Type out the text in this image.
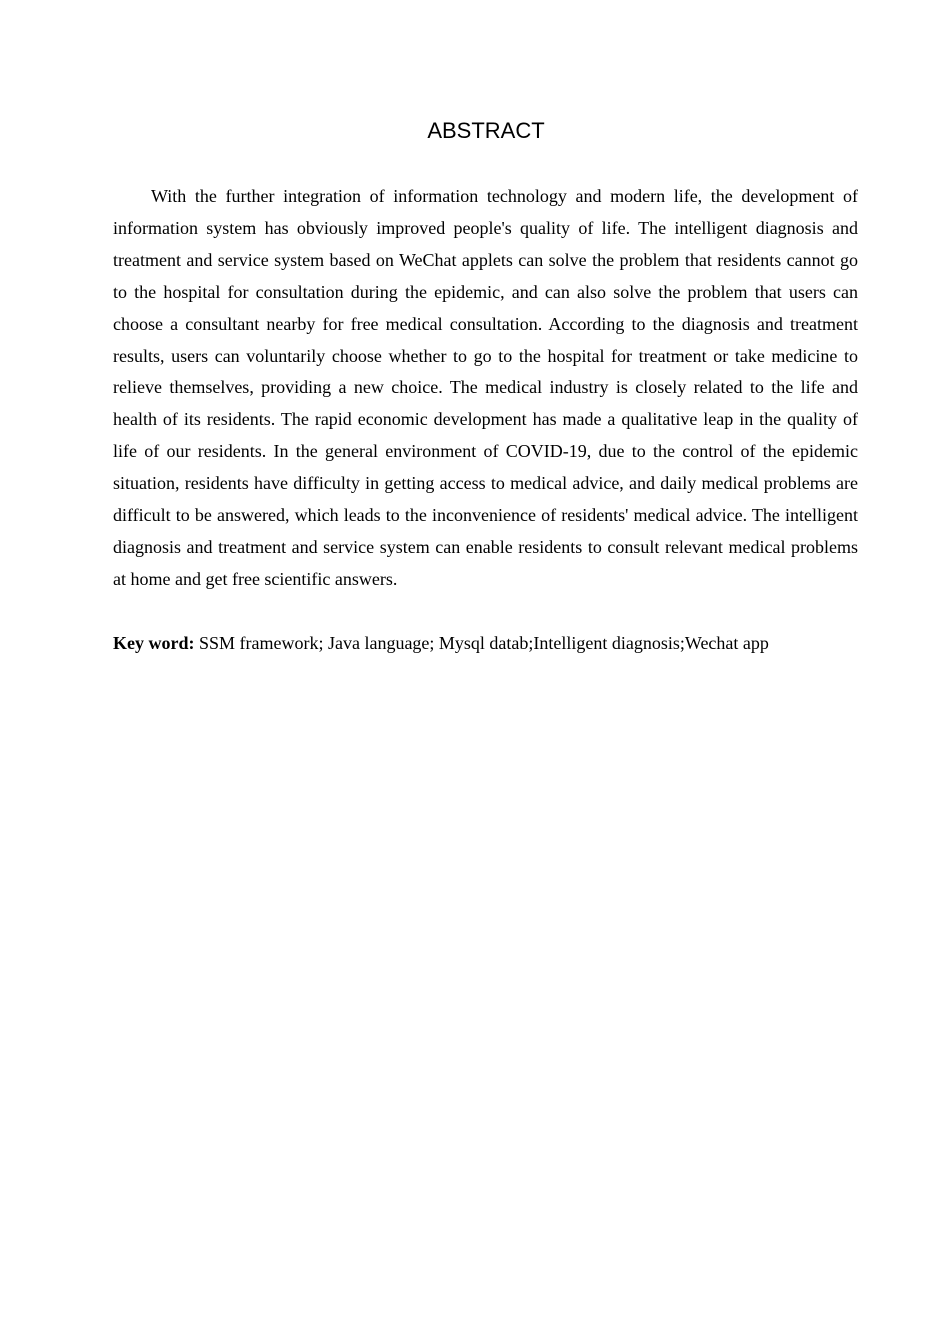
ABSTRACT

With the further integration of information technology and modern life, the development of information system has obviously improved people's quality of life. The intelligent diagnosis and treatment and service system based on WeChat applets can solve the problem that residents cannot go to the hospital for consultation during the epidemic, and can also solve the problem that users can choose a consultant nearby for free medical consultation. According to the diagnosis and treatment results, users can voluntarily choose whether to go to the hospital for treatment or take medicine to relieve themselves, providing a new choice. The medical industry is closely related to the life and health of its residents. The rapid economic development has made a qualitative leap in the quality of life of our residents. In the general environment of COVID-19, due to the control of the epidemic situation, residents have difficulty in getting access to medical advice, and daily medical problems are difficult to be answered, which leads to the inconvenience of residents' medical advice. The intelligent diagnosis and treatment and service system can enable residents to consult relevant medical problems at home and get free scientific answers.

Key word: SSM framework; Java language; Mysql datab;Intelligent diagnosis;Wechat app
